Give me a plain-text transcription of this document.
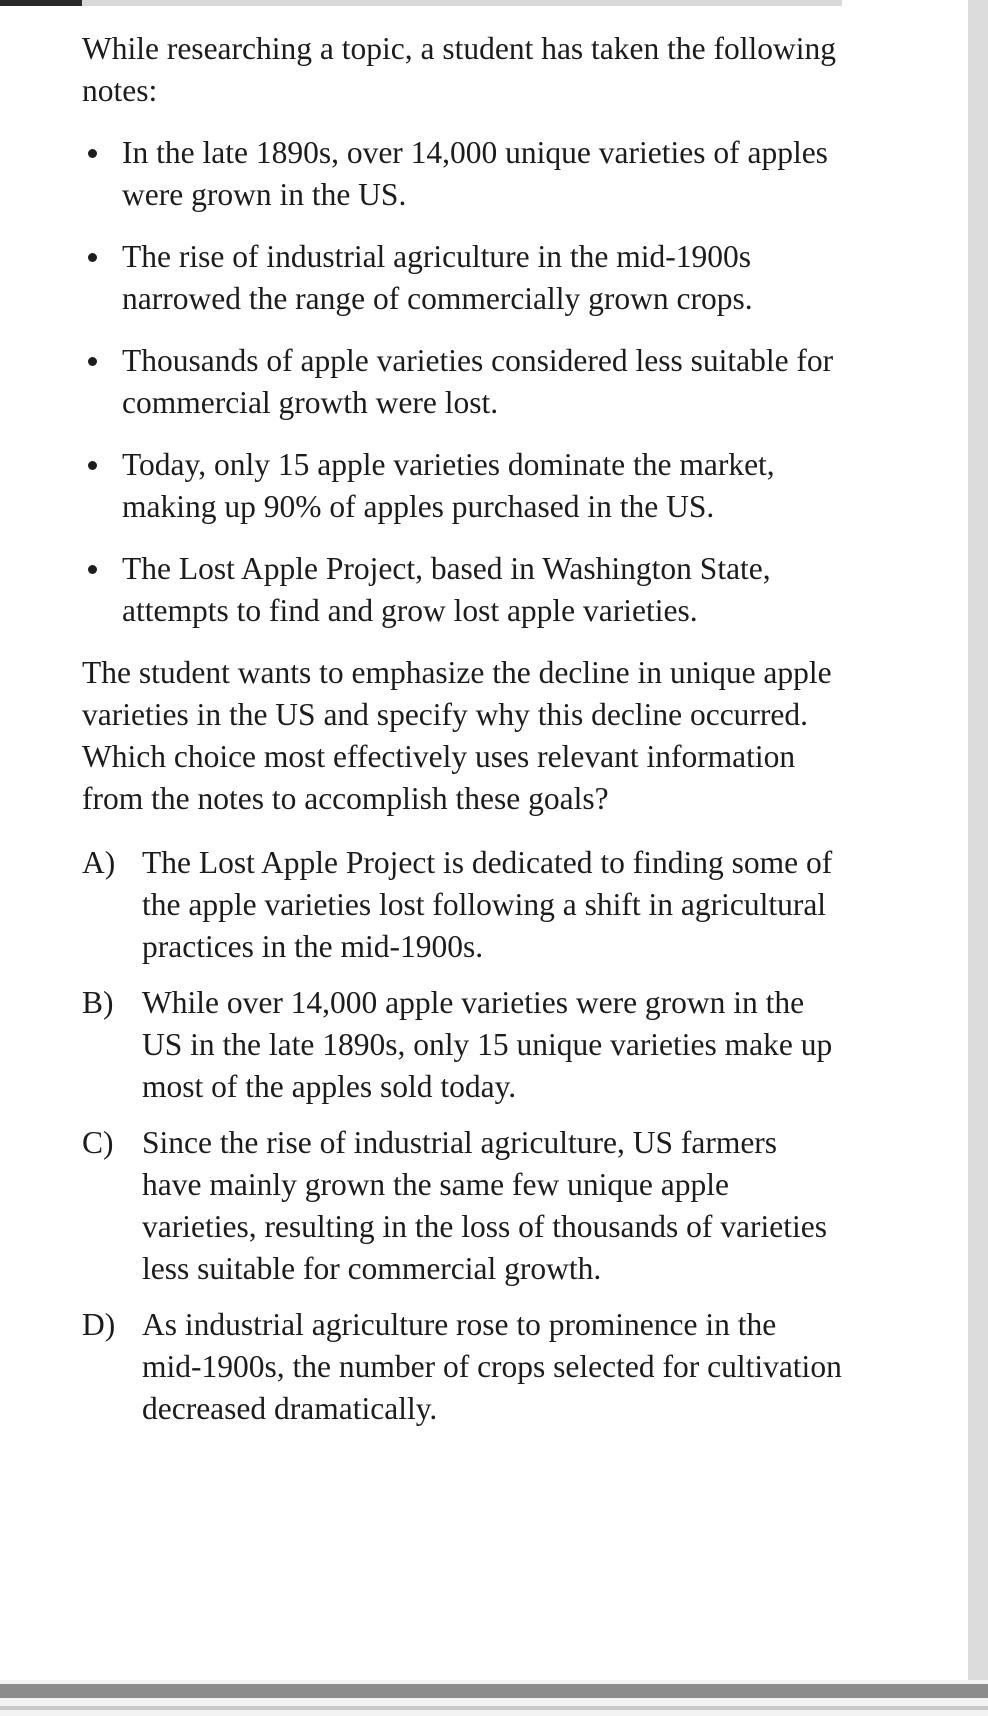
While researching a topic, a student has taken the following notes:

In the late 1890s, over 14,000 unique varieties of apples were grown in the US.
The rise of industrial agriculture in the mid-1900s narrowed the range of commercially grown crops.
Thousands of apple varieties considered less suitable for commercial growth were lost.
Today, only 15 apple varieties dominate the market, making up 90% of apples purchased in the US.
The Lost Apple Project, based in Washington State, attempts to find and grow lost apple varieties.

The student wants to emphasize the decline in unique apple varieties in the US and specify why this decline occurred. Which choice most effectively uses relevant information from the notes to accomplish these goals?

A) The Lost Apple Project is dedicated to finding some of the apple varieties lost following a shift in agricultural practices in the mid-1900s.
B) While over 14,000 apple varieties were grown in the US in the late 1890s, only 15 unique varieties make up most of the apples sold today.
C) Since the rise of industrial agriculture, US farmers have mainly grown the same few unique apple varieties, resulting in the loss of thousands of varieties less suitable for commercial growth.
D) As industrial agriculture rose to prominence in the mid-1900s, the number of crops selected for cultivation decreased dramatically.
